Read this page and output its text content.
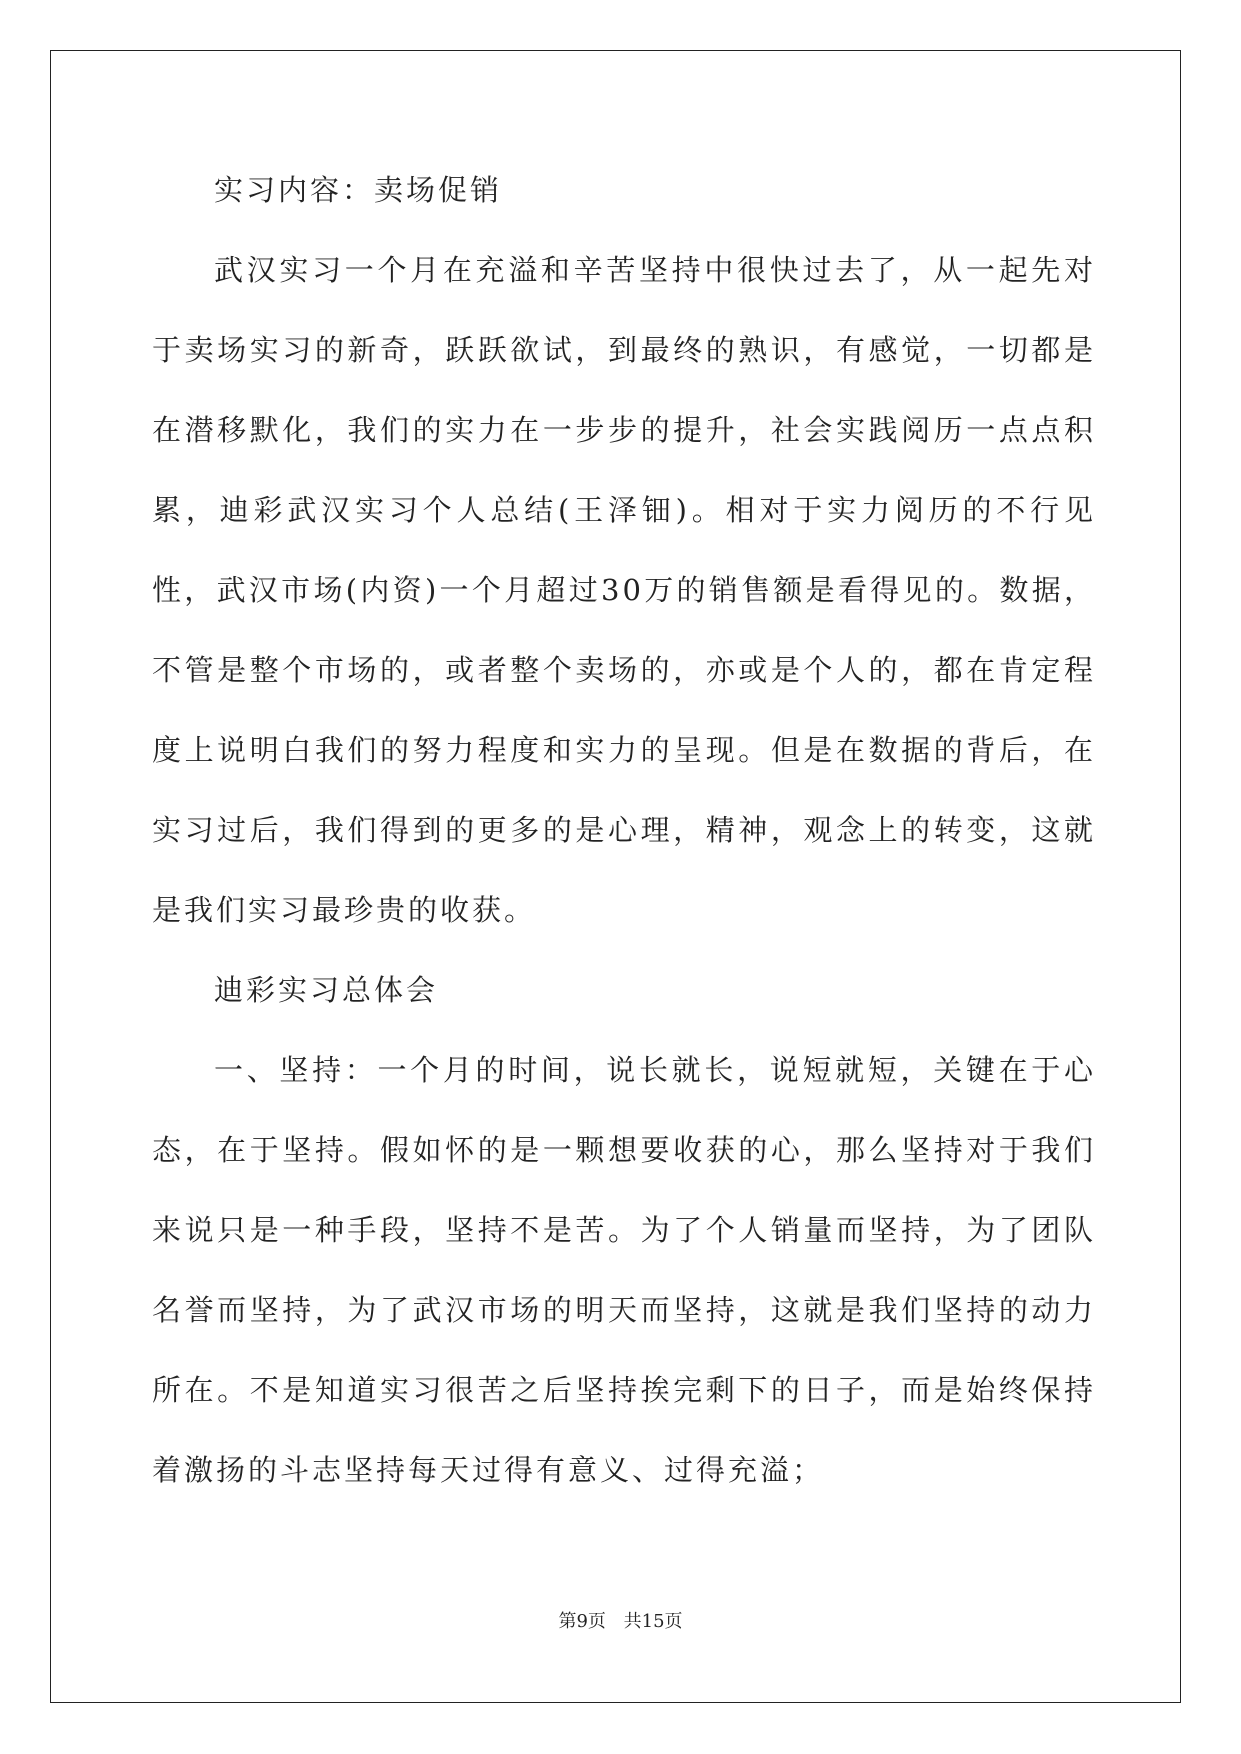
实习内容：卖场促销

武汉实习一个月在充溢和辛苦坚持中很快过去了，从一起先对于卖场实习的新奇，跃跃欲试，到最终的熟识，有感觉，一切都是在潜移默化，我们的实力在一步步的提升，社会实践阅历一点点积累，迪彩武汉实习个人总结(王泽钿)。相对于实力阅历的不行见性，武汉市场(内资)一个月超过30万的销售额是看得见的。数据，不管是整个市场的，或者整个卖场的，亦或是个人的，都在肯定程度上说明白我们的努力程度和实力的呈现。但是在数据的背后，在实习过后，我们得到的更多的是心理，精神，观念上的转变，这就是我们实习最珍贵的收获。

迪彩实习总体会

一、坚持：一个月的时间，说长就长，说短就短，关键在于心态，在于坚持。假如怀的是一颗想要收获的心，那么坚持对于我们来说只是一种手段，坚持不是苦。为了个人销量而坚持，为了团队名誉而坚持，为了武汉市场的明天而坚持，这就是我们坚持的动力所在。不是知道实习很苦之后坚持挨完剩下的日子，而是始终保持着激扬的斗志坚持每天过得有意义、过得充溢；

第9页 共15页
